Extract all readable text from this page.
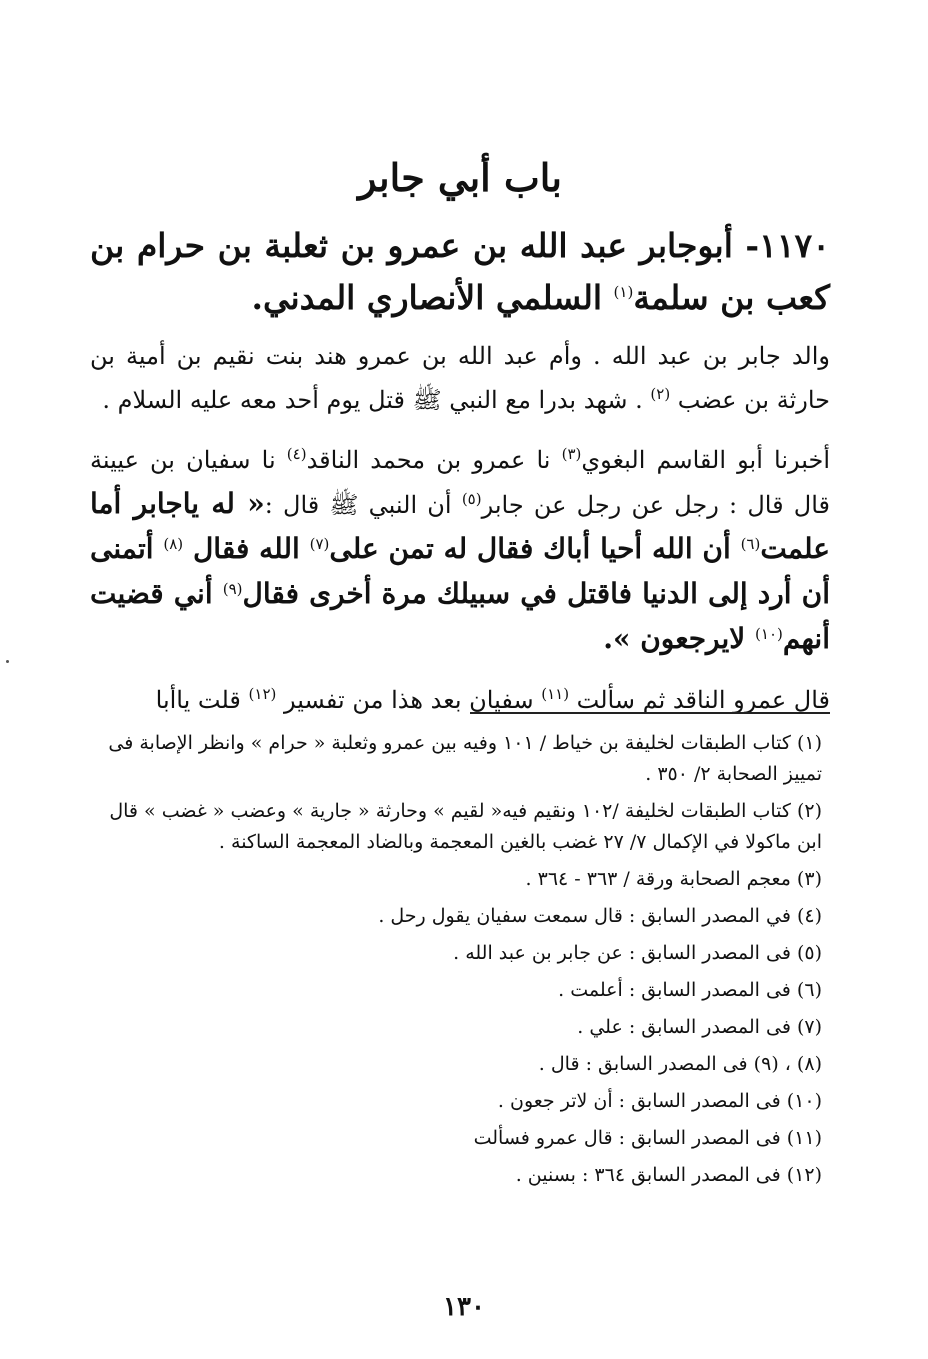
باب أبي جابر
١١٧٠- أبوجابر عبد الله بن عمرو بن ثعلبة بن حرام بن كعب بن سلمة$^{(١)}$ السلمي الأنصاري المدني.
والد جابر بن عبد الله . وأم عبد الله بن عمرو هند بنت نقيم بن أمية بن حارثة بن عضب $^{(٢)}$ . شهد بدرا مع النبي ﷺ قتل يوم أحد معه عليه السلام .
أخبرنا أبو القاسم البغوي$^{(٣)}$ نا عمرو بن محمد الناقد$^{(٤)}$ نا سفيان بن عيينة قال قال : رجل عن رجل عن جابر$^{(٥)}$ أن النبي ﷺ قال :« له ياجابر أما علمت$^{(٦)}$ أن الله أحيا أباك فقال له تمن على$^{(٧)}$ الله فقال $^{(٨)}$ أتمنى أن أرد إلى الدنيا فاقتل في سبيلك مرة أخرى فقال$^{(٩)}$ أني قضيت أنهم$^{(١٠)}$ لايرجعون ».
قال عمرو الناقد ثم سألت $^{(١١)}$ سفيان بعد هذا من تفسير $^{(١٢)}$ قلت ياأبا
(١) كتاب الطبقات لخليفة بن خياط / ١٠١ وفيه بين عمرو وثعلبة « حرام » وانظر الإصابة فى تمييز الصحابة ٢/ ٣٥٠ .
(٢) كتاب الطبقات لخليفة /١٠٢ ونقيم فيه« لقيم » وحارثة « جارية » وعضب « غضب » قال ابن ماكولا في الإكمال ٧/ ٢٧ غضب بالغين المعجمة وبالضاد المعجمة الساكنة .
(٣) معجم الصحابة ورقة / ٣٦٣ - ٣٦٤ .
(٤) في المصدر السابق : قال سمعت سفيان يقول رحل .
(٥) فى المصدر السابق : عن جابر بن عبد الله .
(٦) فى المصدر السابق : أعلمت .
(٧) فى المصدر السابق : علي .
(٨) ، (٩) فى المصدر السابق : قال .
(١٠) فى المصدر السابق : أن لاتر جعون .
(١١) فى المصدر السابق : قال عمرو فسألت
(١٢) فى المصدر السابق ٣٦٤ : بسنين .
١٣٠
